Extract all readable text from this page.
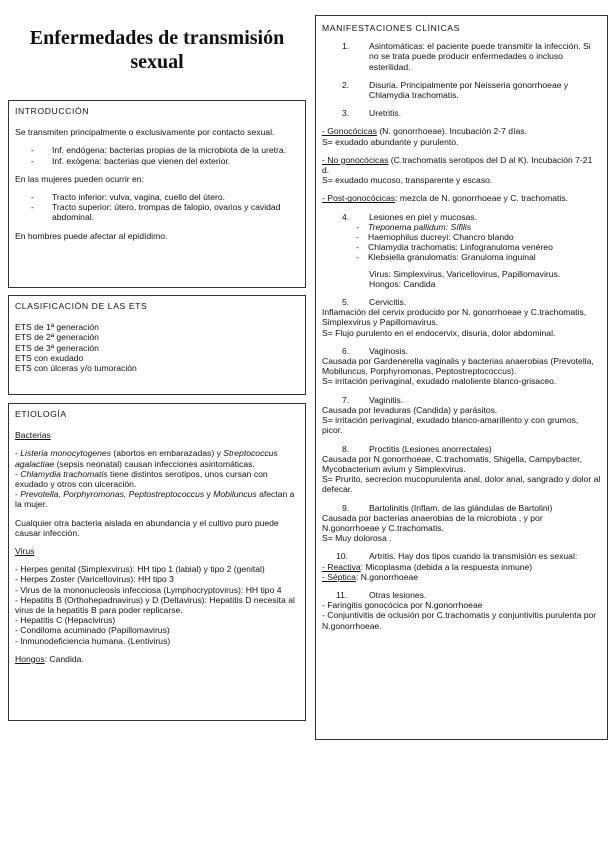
Enfermedades de transmisión sexual
INTRODUCCIÓN

Se transmiten principalmente o exclusivamente por contacto sexual.

- Inf. endógena: bacterias propias de la microbiota de la uretra.
- Inf. exógena: bacterias que vienen del exterior.

En las mujeres pueden ocurrir en:

- Tracto inferior: vulva, vagina, cuello del útero.
- Tracto superior: útero, trompas de falopio, ovarios y cavidad abdominal.

En hombres puede afectar al epidídimo.

CLASIFICACIÓN DE LAS ETS
ETS de 1ª generación
ETS de 2ª generación
ETS de 3ª generación
ETS con exudado
ETS con úlceras y/o tumoración
ETIOLOGÍA

Bacterias

- Listeria monocytogenes (abortos en embarazadas) y Streptococcus agalactiae (sepsis neonatal) causan infecciones asintomáticas.
- Chlamydia trachomatis tiene distintos serotipos, unos cursan con exudado y otros con ulceración.
- Prevotella, Porphyromonas, Peptostreptococcus y Mobiluncus afectan a la mujer.

Cualquier otra bacteria aislada en abundancia y el cultivo puro puede causar infección.

Virus

- Herpes genital (Simplexvirus): HH tipo 1 (labial) y tipo 2 (genital)
- Herpes Zoster (Varicellovirus): HH tipo 3
- Virus de la mononucleosis infecciosa (Lymphocryptovirus): HH tipo 4
- Hepatitis B (Orthohepadnavirus) y D (Deltavirus): Hepatitis D necesita al virus de la hepatitis B para poder replicarse.
- Hepatitis C (Hepacivirus)
- Condiloma acuminado (Papillomavirus)
- Inmunodeficiencia humana. (Lentivirus)
Hongos: Candida.
MANIFESTACIONES CLÍNICAS
1. Asintomáticas: el paciente puede transmitir la infección. Si no se trata puede producir enfermedades o incluso esterilidad.
2. Disuria. Principalmente por Neisseria gonorrhoeae y Chlamydia trachomatis.
3. Uretritis.
- Gonocócicas (N. gonorrhoeae). Incubación 2-7 días.
S= exudado abundante y purulento.
- No gonocócicas (C.trachomatis serotipos del D al K). Incubación 7-21 d.
S= exudado mucoso, transparente y escaso.
- Post-gonocócicas: mezcla de N. gonorrhoeae y C. trachomatis.
4. Lesiones en piel y mucosas.
- Treponema pallidum: Sífilis
- Haemophilus ducreyi: Chancro blando
- Chlamydia trachomatis: Linfogranuloma venéreo
- Klebsiella granulomatis: Granuloma inguinal
Virus: Simplexvirus, Varicellovirus, Papillomavirus.
Hongos: Candida
5. Cervicitis.
Inflamación del cervix producido por N. gonorrhoeae y C.trachomatis, Simplexvirus y Papillomavirus.
S= Flujo purulento en el endocervix, disuria, dolor abdominal.
6. Vaginosis.
Causada por Gardenerella vaginalis y bacterias anaerobias (Prevotella, Mobiluncus, Porphyromonas, Peptostreptococcus).
S= irritación perivaginal, exudado maloliente blanco-grisaceo.
7. Vaginitis.
Causada por levaduras (Candida) y parásitos.
S= irritación perivaginal, exudado blanco-amarillento y con grumos, picor.
8. Proctitis (Lesiones anorrectales)
Causada por N.gonorrhoeae, C.trachomatis, Shigella, Campybacter, Mycobacterium avium y Simplexvirus.
S= Prurito, secrecion mucopurulenta anal, dolor anal, sangrado y dolor al defecar.
9. Bartolinitis (Inflam. de las glándulas de Bartolini)
Causada por bacterias anaerobias de la microbiota , y por N.gonorrhoeae y C.trachomatis.
S= Muy dolorosa .
10. Artritis. Hay dos tipos cuando la transmisión es sexual:
- Reactiva: Micoplasma (debida a la respuesta inmune)
- Séptica: N.gonorrhoeae
11.	Otras lesiones.
- Faringitis gonocócica por N.gonorrhoeae
- Conjuntivitis de oclusión por C.trachomatis y conjuntivitis purulenta por N.gonorrhoeae.
